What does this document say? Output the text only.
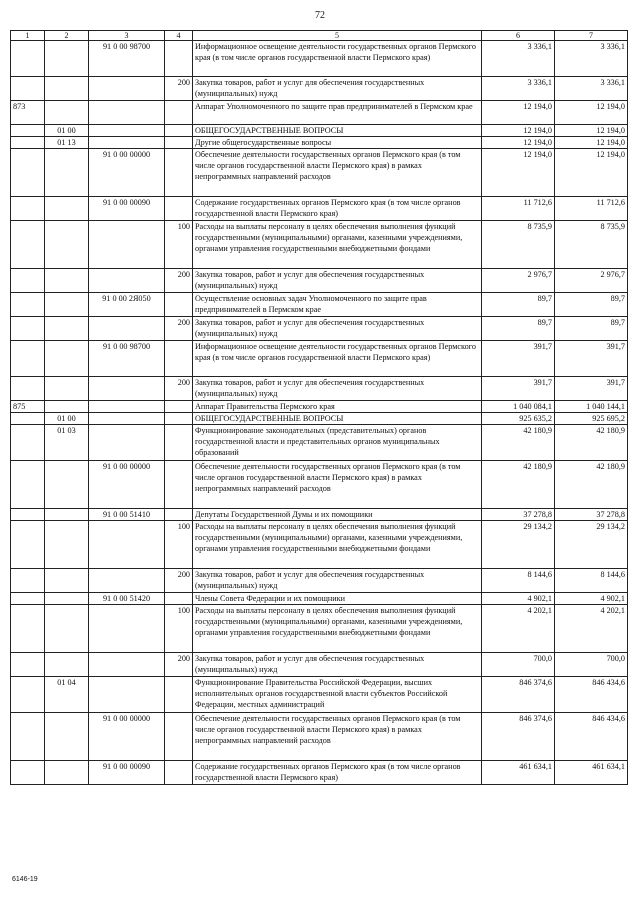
72
1	2	3	4	5	6	7
		91 0 00 98700		Информационное освещение деятельности государственных органов Пермского края (в том числе органов государственной власти Пермского края)	3 336,1	3 336,1
			200	Закупка товаров, работ и услуг для обеспечения государственных (муниципальных) нужд	3 336,1	3 336,1
873				Аппарат Уполномоченного по защите прав предпринимателей в Пермском крае	12 194,0	12 194,0
	01 00			ОБЩЕГОСУДАРСТВЕННЫЕ ВОПРОСЫ	12 194,0	12 194,0
	01 13			Другие общегосударственные вопросы	12 194,0	12 194,0
		91 0 00 00000		Обеспечение деятельности государственных органов Пермского края (в том числе органов государственной власти Пермского края) в рамках непрограммных направлений расходов	12 194,0	12 194,0
		91 0 00 00090		Содержание государственных органов Пермского края (в том числе органов государственной власти Пермского края)	11 712,6	11 712,6
			100	Расходы на выплаты персоналу в целях обеспечения выполнения функций государственными (муниципальными) органами, казенными учреждениями, органами управления государственными внебюджетными фондами	8 735,9	8 735,9
			200	Закупка товаров, работ и услуг для обеспечения государственных (муниципальных) нужд	2 976,7	2 976,7
		91 0 00 2Я050		Осуществление основных задач Уполномоченного по защите прав предпринимателей в Пермском крае	89,7	89,7
			200	Закупка товаров, работ и услуг для обеспечения государственных (муниципальных) нужд	89,7	89,7
		91 0 00 98700		Информационное освещение деятельности государственных органов Пермского края (в том числе органов государственной власти Пермского края)	391,7	391,7
			200	Закупка товаров, работ и услуг для обеспечения государственных (муниципальных) нужд	391,7	391,7
875				Аппарат Правительства Пермского края	1 040 084,1	1 040 144,1
	01 00			ОБЩЕГОСУДАРСТВЕННЫЕ ВОПРОСЫ	925 635,2	925 695,2
	01 03			Функционирование законодательных (представительных) органов государственной власти и представительных органов муниципальных образований	42 180,9	42 180,9
		91 0 00 00000		Обеспечение деятельности государственных органов Пермского края (в том числе органов государственной власти Пермского края) в рамках непрограммных направлений расходов	42 180,9	42 180,9
		91 0 00 51410		Депутаты Государственной Думы и их помощники	37 278,8	37 278,8
			100	Расходы на выплаты персоналу в целях обеспечения выполнения функций государственными (муниципальными) органами, казенными учреждениями, органами управления государственными внебюджетными фондами	29 134,2	29 134,2
			200	Закупка товаров, работ и услуг для обеспечения государственных (муниципальных) нужд	8 144,6	8 144,6
		91 0 00 51420		Члены Совета Федерации и их помощники	4 902,1	4 902,1
			100	Расходы на выплаты персоналу в целях обеспечения выполнения функций государственными (муниципальными) органами, казенными учреждениями, органами управления государственными внебюджетными фондами	4 202,1	4 202,1
			200	Закупка товаров, работ и услуг для обеспечения государственных (муниципальных) нужд	700,0	700,0
	01 04			Функционирование Правительства Российской Федерации, высших исполнительных органов государственной власти субъектов Российской Федерации, местных администраций	846 374,6	846 434,6
		91 0 00 00000		Обеспечение деятельности государственных органов Пермского края (в том числе органов государственной власти Пермского края) в рамках непрограммных направлений расходов	846 374,6	846 434,6
		91 0 00 00090		Содержание государственных органов Пермского края (в том числе органов государственной власти Пермского края)	461 634,1	461 634,1
6146-19
